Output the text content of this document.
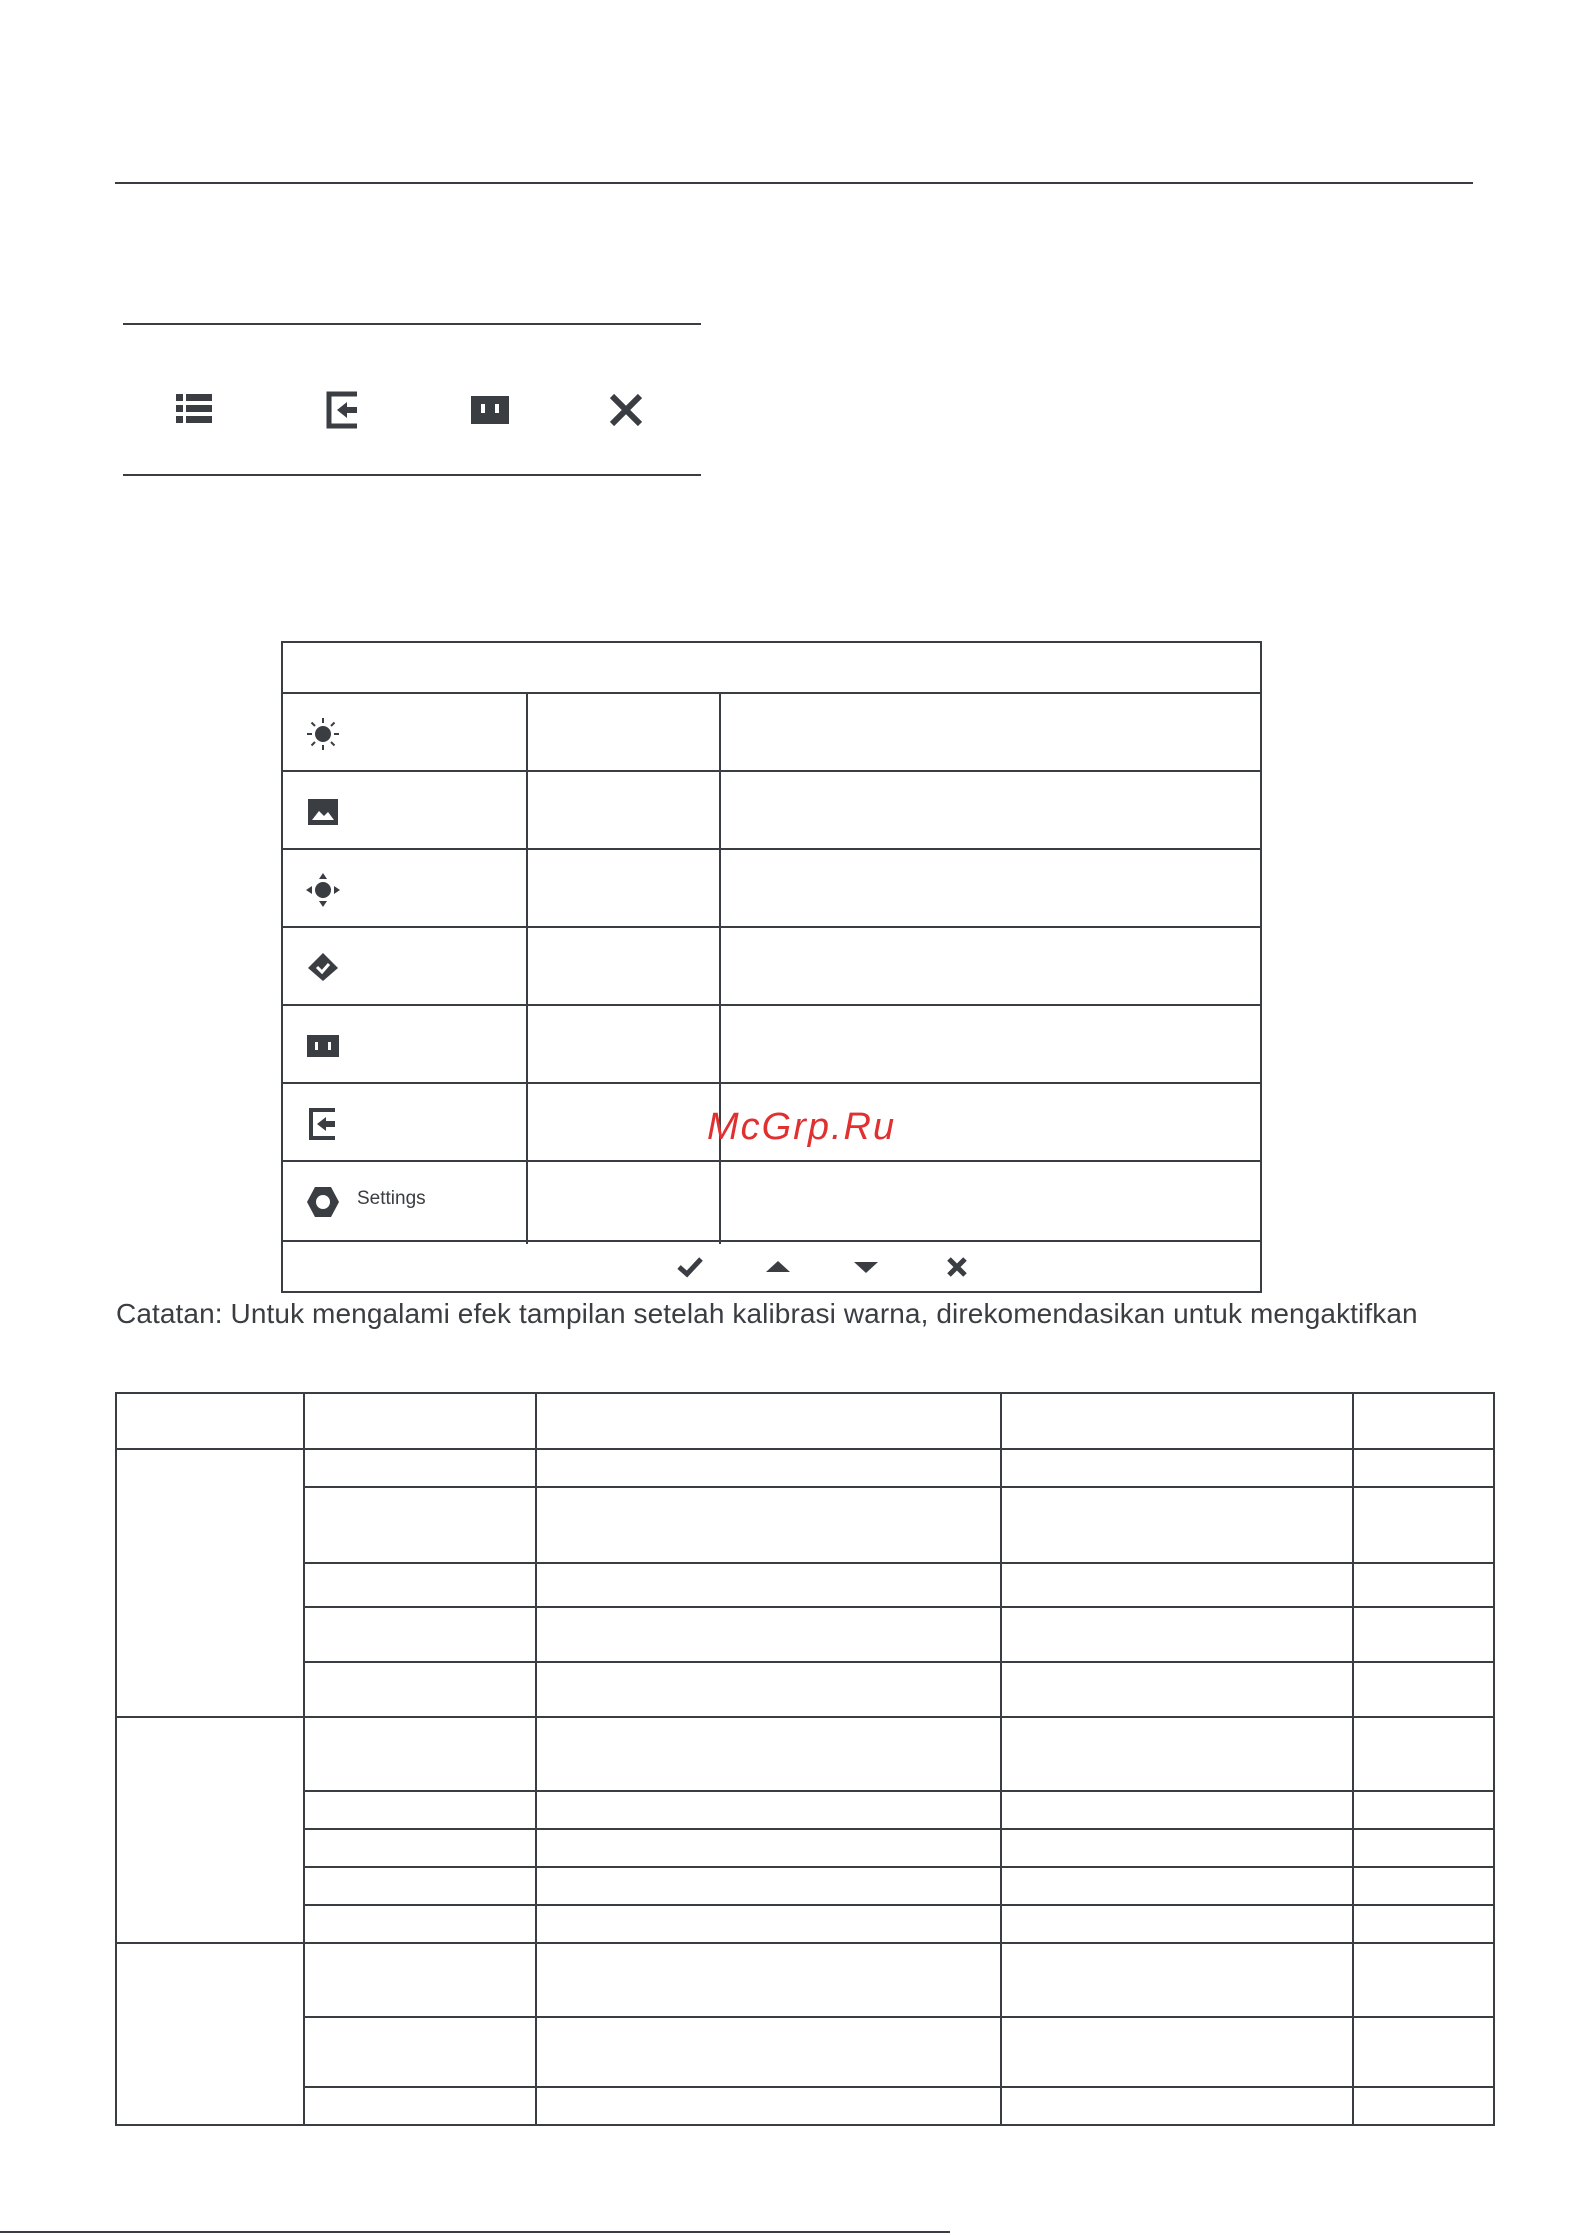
Settings
McGrp.Ru
Catatan: Untuk mengalami efek tampilan setelah kalibrasi warna, direkomendasikan untuk mengaktifkan
